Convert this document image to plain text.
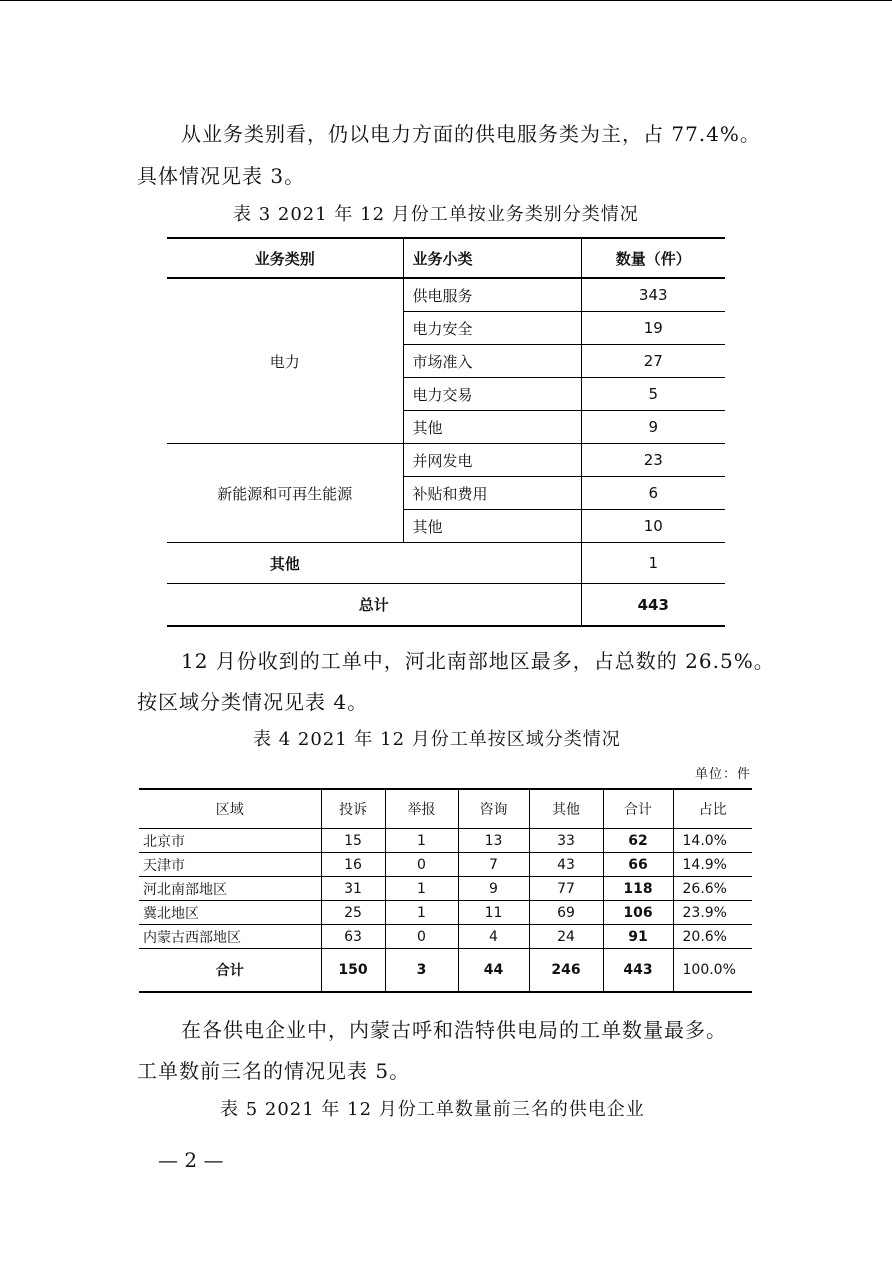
从业务类别看，仍以电力方面的供电服务类为主，占 77.4%。
具体情况见表 3。
表 3 2021 年 12 月份工单按业务类别分类情况
业务类别	业务小类	数量（件）
电力	供电服务	343
	电力安全	19
	市场准入	27
	电力交易	5
	其他	9
新能源和可再生能源	并网发电	23
	补贴和费用	6
	其他	10
其他		1
总计		443
12 月份收到的工单中，河北南部地区最多，占总数的 26.5%。
按区域分类情况见表 4。
表 4 2021 年 12 月份工单按区域分类情况
单位：件
区域	投诉	举报	咨询	其他	合计	占比
北京市	15	1	13	33	62	14.0%
天津市	16	0	7	43	66	14.9%
河北南部地区	31	1	9	77	118	26.6%
冀北地区	25	1	11	69	106	23.9%
内蒙古西部地区	63	0	4	24	91	20.6%
合计	150	3	44	246	443	100.0%
在各供电企业中，内蒙古呼和浩特供电局的工单数量最多。
工单数前三名的情况见表 5。
表 5 2021 年 12 月份工单数量前三名的供电企业
— 2 —
